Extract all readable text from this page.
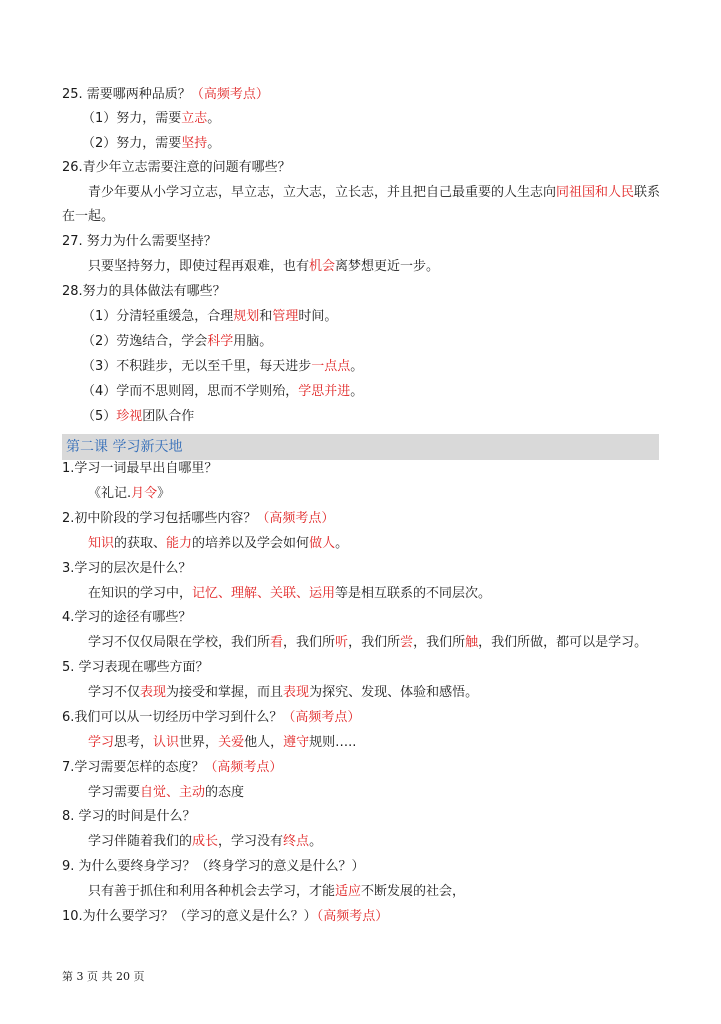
25. 需要哪两种品质？（高频考点）
（1）努力，需要立志。
（2）努力，需要坚持。
26.青少年立志需要注意的问题有哪些？
青少年要从小学习立志，早立志，立大志，立长志，并且把自己最重要的人生志向同祖国和人民联系
在一起。
27. 努力为什么需要坚持？
只要坚持努力，即使过程再艰难，也有机会离梦想更近一步。
28.努力的具体做法有哪些？
（1）分清轻重缓急，合理规划和管理时间。
（2）劳逸结合，学会科学用脑。
（3）不积跬步，无以至千里，每天进步一点点。
（4）学而不思则罔，思而不学则殆，学思并进。
（5）珍视团队合作
1.学习一词最早出自哪里？
《礼记.月令》
2.初中阶段的学习包括哪些内容？（高频考点）
知识的获取、能力的培养以及学会如何做人。
3.学习的层次是什么？
在知识的学习中，记忆、理解、关联、运用等是相互联系的不同层次。
4.学习的途径有哪些？
学习不仅仅局限在学校，我们所看，我们所听，我们所尝，我们所触，我们所做，都可以是学习。
5. 学习表现在哪些方面？
学习不仅表现为接受和掌握，而且表现为探究、发现、体验和感悟。
6.我们可以从一切经历中学习到什么？（高频考点）
学习思考，认识世界，关爱他人，遵守规则…..
7.学习需要怎样的态度？（高频考点）
学习需要自觉、主动的态度
8. 学习的时间是什么？
学习伴随着我们的成长，学习没有终点。
9. 为什么要终身学习？（终身学习的意义是什么？）
只有善于抓住和利用各种机会去学习，才能适应不断发展的社会，
10.为什么要学习？（学习的意义是什么？）（高频考点）
第二课 学习新天地
第 3 页 共 20 页
